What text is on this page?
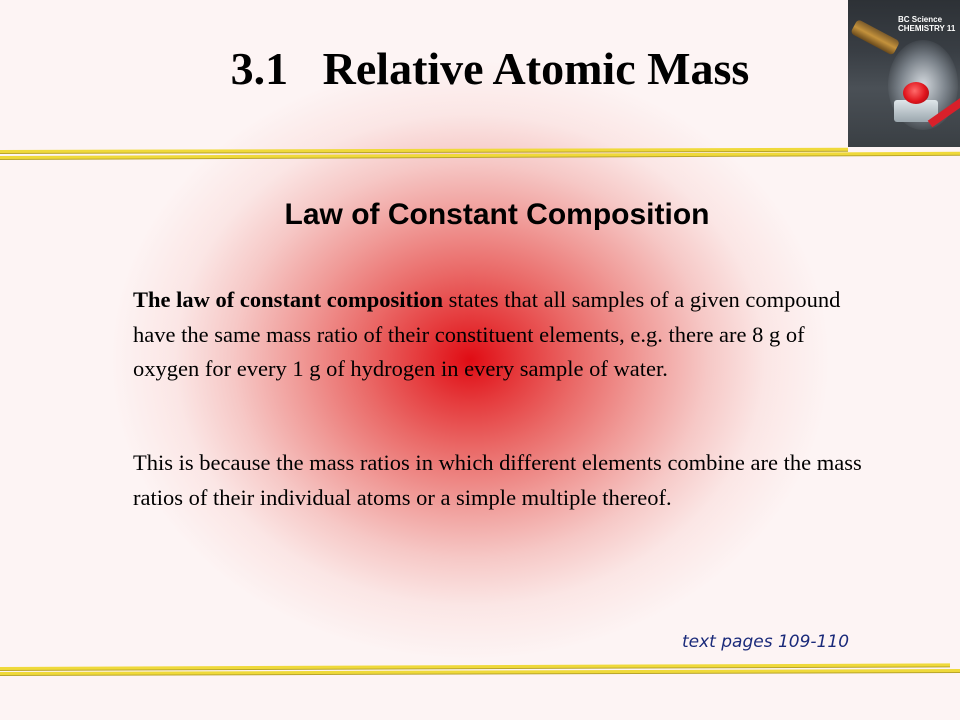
3.1   Relative Atomic Mass
BC Science
CHEMISTRY 11
Law of Constant Composition

The law of constant composition states that all samples of a given compound have the same mass ratio of their constituent elements, e.g. there are 8 g of oxygen for every 1 g of hydrogen in every sample of water.

This is because the mass ratios in which different elements combine are the mass ratios of their individual atoms or a simple multiple thereof.

text pages 109-110
